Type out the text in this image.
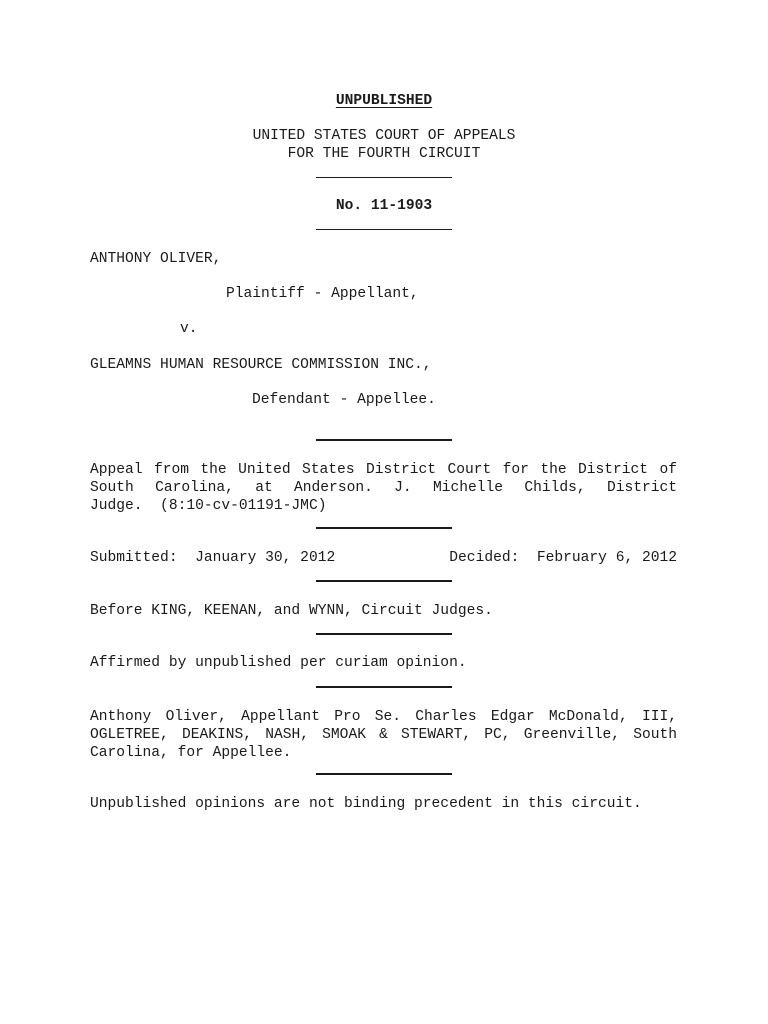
UNPUBLISHED
UNITED STATES COURT OF APPEALS
FOR THE FOURTH CIRCUIT
No. 11-1903
ANTHONY OLIVER,
Plaintiff - Appellant,
v.
GLEAMNS HUMAN RESOURCE COMMISSION INC.,
Defendant - Appellee.
Appeal from the United States District Court for the District of
South Carolina, at Anderson. J. Michelle Childs, District
Judge.  (8:10-cv-01191-JMC)
Submitted:  January 30, 2012	Decided:  February 6, 2012
Before KING, KEENAN, and WYNN, Circuit Judges.
Affirmed by unpublished per curiam opinion.
Anthony Oliver, Appellant Pro Se. Charles Edgar McDonald, III,
OGLETREE, DEAKINS, NASH, SMOAK & STEWART, PC, Greenville, South
Carolina, for Appellee.
Unpublished opinions are not binding precedent in this circuit.
